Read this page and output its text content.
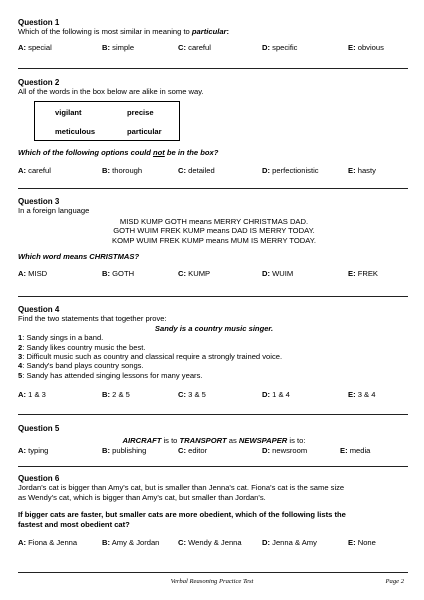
Question 1
Which of the following is most similar in meaning to particular:
A: special	B: simple	C: careful	D: specific	E: obvious
Question 2
All of the words in the box below are alike in some way.
vigilant	precise
meticulous	particular
Which of the following options could not be in the box?
A: careful	B: thorough	C: detailed	D: perfectionistic	E: hasty
Question 3
In a foreign language
MISD KUMP GOTH means MERRY CHRISTMAS DAD.
GOTH WUIM FREK KUMP means DAD IS MERRY TODAY.
KOMP WUIM FREK KUMP means MUM IS MERRY TODAY.
Which word means CHRISTMAS?
A: MISD	B: GOTH	C: KUMP	D: WUIM	E: FREK
Question 4
Find the two statements that together prove:
Sandy is a country music singer.
1: Sandy sings in a band.
2: Sandy likes country music the best.
3: Difficult music such as country and classical require a strongly trained voice.
4: Sandy's band plays country songs.
5: Sandy has attended singing lessons for many years.
A: 1 & 3	B: 2 & 5	C: 3 & 5	D: 1 & 4	E: 3 & 4
Question 5
AIRCRAFT is to TRANSPORT as NEWSPAPER is to:
A: typing	B: publishing	C: editor	D: newsroom	E: media
Question 6
Jordan's cat is bigger than Amy's cat, but is smaller than Jenna's cat. Fiona's cat is the same size
as Wendy's cat, which is bigger than Amy's cat, but smaller than Jordan's.
If bigger cats are faster, but smaller cats are more obedient, which of the following lists the
fastest and most obedient cat?
A: Fiona & Jenna	B: Amy & Jordan C: Wendy & Jenna	D: Jenna & Amy	E: None
Verbal Reasoning Practice Test	Page 2
